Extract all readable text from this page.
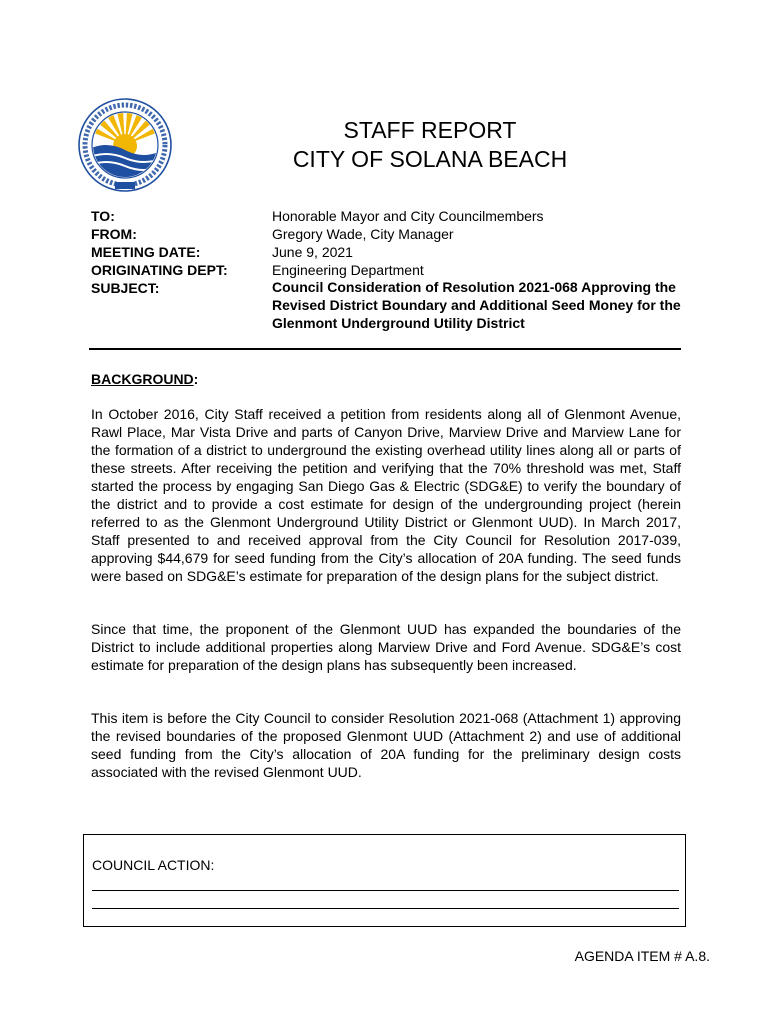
STAFF REPORT
CITY OF SOLANA BEACH
TO:	Honorable Mayor and City Councilmembers
FROM:	Gregory Wade, City Manager
MEETING DATE:	June 9, 2021
ORIGINATING DEPT:	Engineering Department
SUBJECT:	Council Consideration of Resolution 2021-068 Approving the Revised District Boundary and Additional Seed Money for the Glenmont Underground Utility District
BACKGROUND:

In October 2016, City Staff received a petition from residents along all of Glenmont Avenue, Rawl Place, Mar Vista Drive and parts of Canyon Drive, Marview Drive and Marview Lane for the formation of a district to underground the existing overhead utility lines along all or parts of these streets. After receiving the petition and verifying that the 70% threshold was met, Staff started the process by engaging San Diego Gas & Electric (SDG&E) to verify the boundary of the district and to provide a cost estimate for design of the undergrounding project (herein referred to as the Glenmont Underground Utility District or Glenmont UUD). In March 2017, Staff presented to and received approval from the City Council for Resolution 2017-039, approving $44,679 for seed funding from the City’s allocation of 20A funding. The seed funds were based on SDG&E’s estimate for preparation of the design plans for the subject district.

Since that time, the proponent of the Glenmont UUD has expanded the boundaries of the District to include additional properties along Marview Drive and Ford Avenue. SDG&E’s cost estimate for preparation of the design plans has subsequently been increased.

This item is before the City Council to consider Resolution 2021-068 (Attachment 1) approving the revised boundaries of the proposed Glenmont UUD (Attachment 2) and use of additional seed funding from the City’s allocation of 20A funding for the preliminary design costs associated with the revised Glenmont UUD.

COUNCIL ACTION:
AGENDA ITEM # A.8.
